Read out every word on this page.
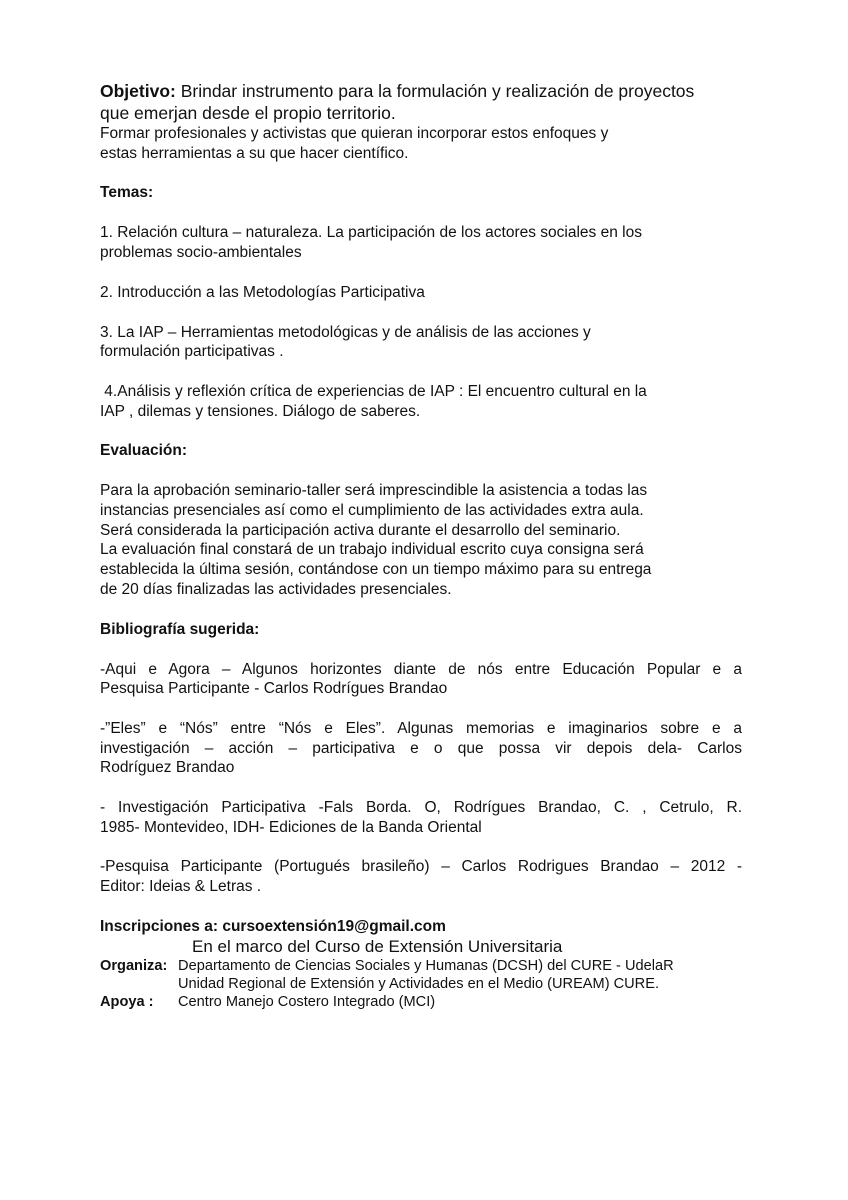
Objetivo: Brindar instrumento para la formulación y realización de proyectos
que emerjan desde el propio territorio.
Formar profesionales y activistas que quieran incorporar estos enfoques y
estas herramientas a su que hacer científico.
Temas:
1. Relación cultura – naturaleza. La participación de los actores sociales en los
problemas socio-ambientales
2. Introducción a las Metodologías Participativa
3. La IAP – Herramientas metodológicas y de análisis de las acciones y
formulación participativas .
4.Análisis y reflexión crítica de experiencias de IAP : El encuentro cultural en la
IAP , dilemas y tensiones. Diálogo de saberes.
Evaluación:
Para la aprobación seminario-taller será imprescindible la asistencia a todas las
instancias presenciales así como el cumplimiento de las actividades extra aula.
Será considerada la participación activa durante el desarrollo del seminario.
La evaluación final constará de un trabajo individual escrito cuya consigna será
establecida la última sesión, contándose con un tiempo máximo para su entrega
de 20 días finalizadas las actividades presenciales.
Bibliografía sugerida:
-Aqui e Agora – Algunos horizontes diante de nós entre Educación Popular e a
Pesquisa Participante - Carlos Rodrígues Brandao
-”Eles” e “Nós” entre “Nós e Eles”. Algunas memorias e imaginarios sobre e a
investigación – acción – participativa e o que possa vir depois dela- Carlos
Rodríguez Brandao
- Investigación Participativa -Fals Borda. O, Rodrígues Brandao, C. , Cetrulo, R.
1985- Montevideo, IDH- Ediciones de la Banda Oriental
-Pesquisa Participante (Portugués brasileño) – Carlos Rodrigues Brandao – 2012 -
Editor: Ideias & Letras .
Inscripciones a: cursoextensión19@gmail.com
En el marco del Curso de Extensión Universitaria
Organiza: Departamento de Ciencias Sociales y Humanas (DCSH) del CURE - UdelaR
Unidad Regional de Extensión y Actividades en el Medio (UREAM) CURE.
Apoya : Centro Manejo Costero Integrado (MCI)
